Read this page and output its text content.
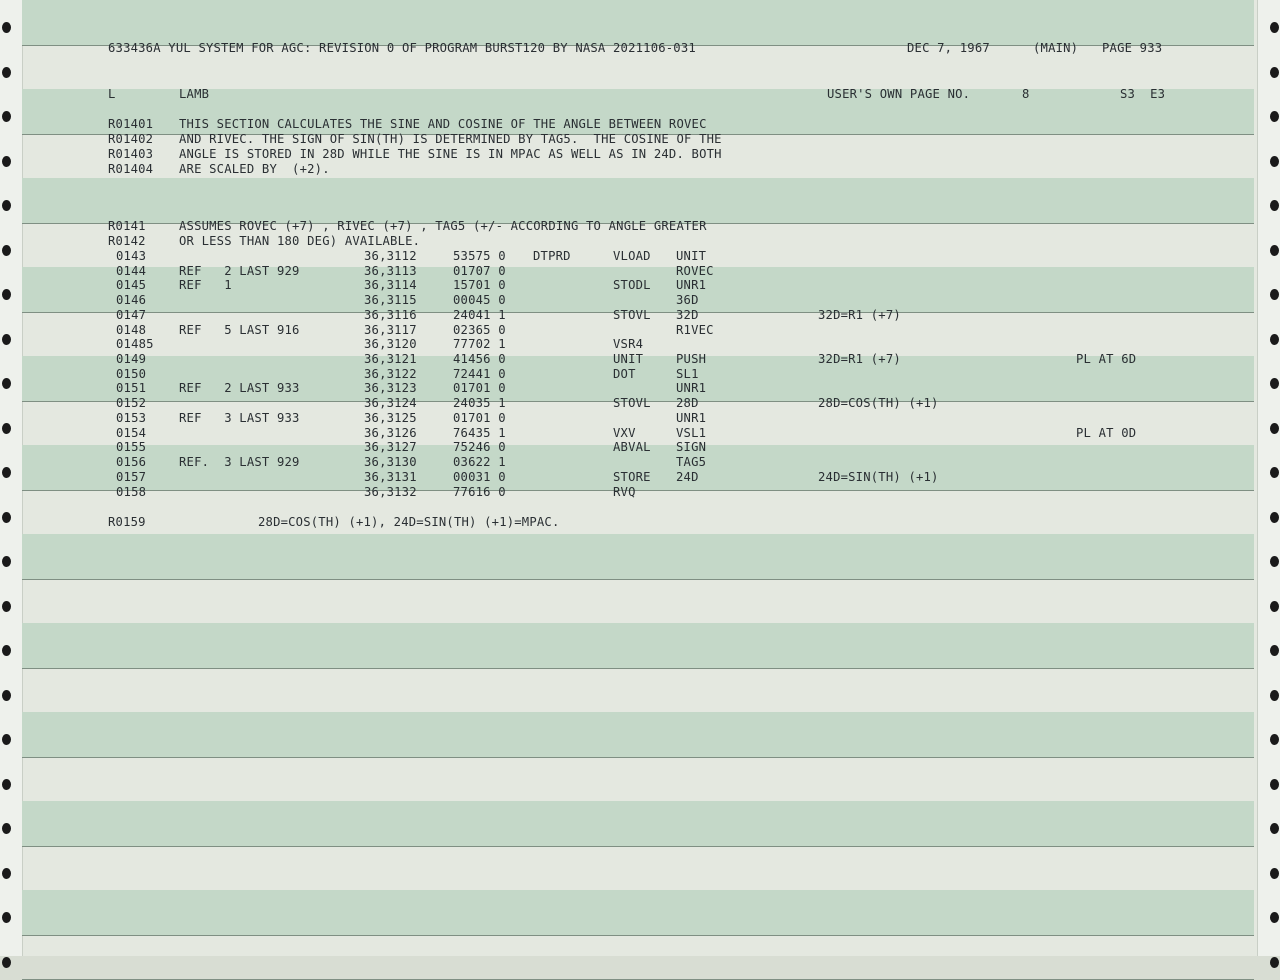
633436A YUL SYSTEM FOR AGC: REVISION 0 OF PROGRAM BURST120 BY NASA 2021106-031

	DEC 7, 1967

	(MAIN)

PAGE 933

L

	LAMB

	USER'S OWN PAGE NO.

	8

	S3  E3

R01401 THIS SECTION CALCULATES THE SINE AND COSINE OF THE ANGLE BETWEEN ROVEC
R01402 AND RIVEC. THE SIGN OF SIN(TH) IS DETERMINED BY TAG5.  THE COSINE OF THE
R01403 ANGLE IS STORED IN 28D WHILE THE SINE IS IN MPAC AS WELL AS IN 24D. BOTH
R01404 ARE SCALED BY  (+2).
R0141	ASSUMES ROVEC (+7) , RIVEC (+7) , TAG5 (+/- ACCORDING TO ANGLE GREATER
R0142	OR LESS THAN 180 DEG) AVAILABLE.
0143	36,3112	53575 0 DTPRD	VLOAD UNIT
0144	REF   2 LAST 929	36,3113	01707 0	ROVEC
0145	REF   1	36,3114	15701 0	STODL UNR1
0146	36,3115	00045 0	36D
0147	36,3116	24041 1	STOVL 32D	32D=R1 (+7)
0148	REF   5 LAST 916	36,3117	02365 0	R1VEC
01485	36,3120	77702 1	VSR4
0149	36,3121	41456 0	UNIT	PUSH	32D=R1 (+7)	PL AT 6D
0150	36,3122	72441 0	DOT	SL1
0151	REF   2 LAST 933	36,3123	01701 0	UNR1
0152	36,3124	24035 1	STOVL 28D	28D=COS(TH) (+1)
0153	REF   3 LAST 933	36,3125	01701 0	UNR1
0154	36,3126	76435 1	VXV	VSL1	PL AT 0D
0155	36,3127	75246 0	ABVAL SIGN
0156	REF.  3 LAST 929	36,3130	03622 1	TAG5
0157	36,3131	00031 0	STORE 24D	24D=SIN(TH) (+1)
0158	36,3132	77616 0	RVQ

R0159

	28D=COS(TH) (+1), 24D=SIN(TH) (+1)=MPAC.
